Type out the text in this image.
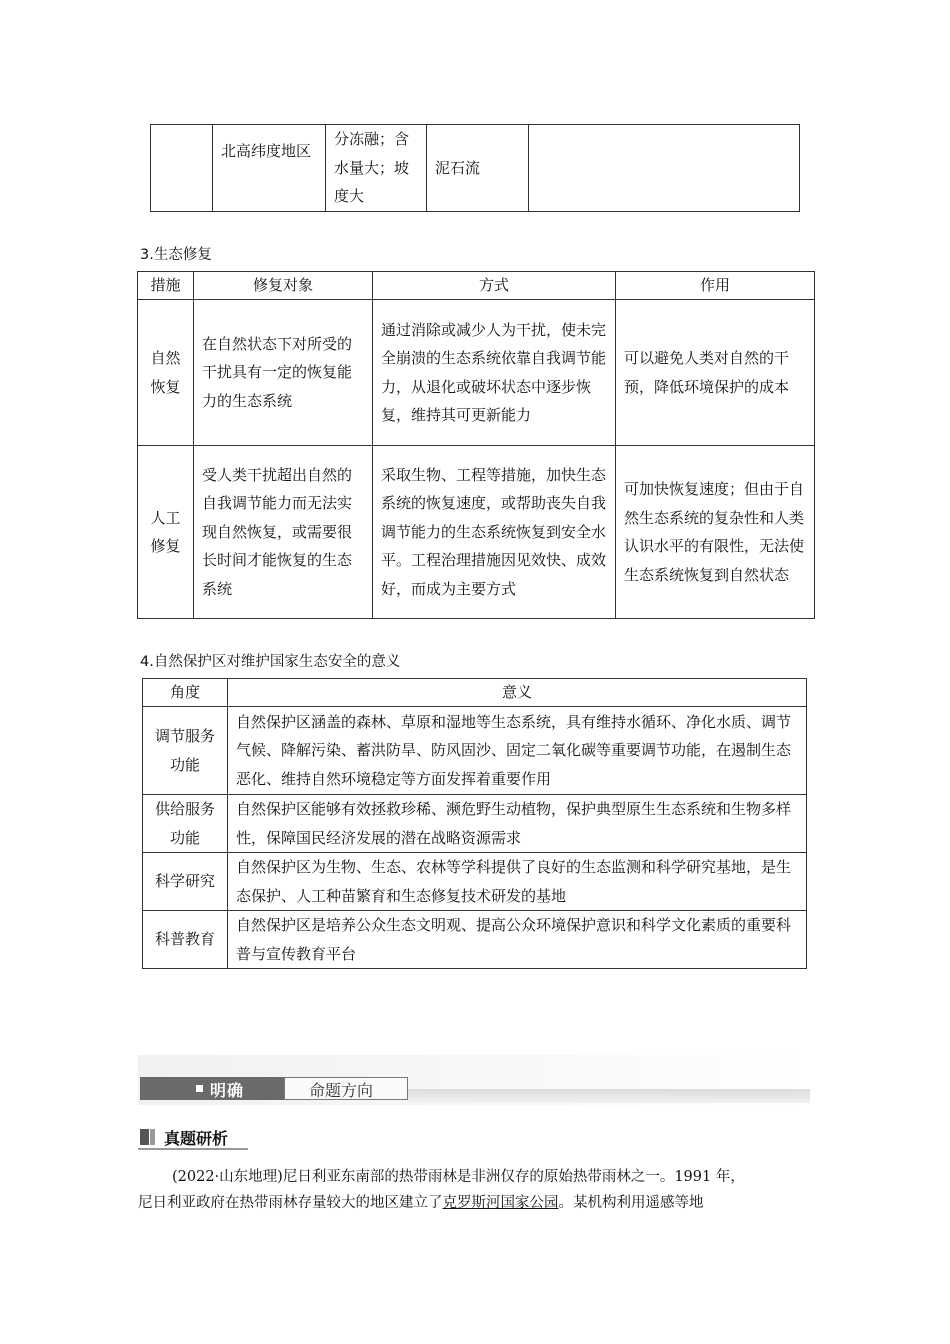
	北高纬度地区	分冻融；含水量大；坡度大	泥石流	
3.生态修复
措施	修复对象	方式	作用
自然恢复	在自然状态下对所受的干扰具有一定的恢复能力的生态系统	通过消除或减少人为干扰，使未完全崩溃的生态系统依靠自我调节能力，从退化或破坏状态中逐步恢复，维持其可更新能力	可以避免人类对自然的干预，降低环境保护的成本
人工修复	受人类干扰超出自然的自我调节能力而无法实现自然恢复，或需要很长时间才能恢复的生态系统	采取生物、工程等措施，加快生态系统的恢复速度，或帮助丧失自我调节能力的生态系统恢复到安全水平。工程治理措施因见效快、成效好，而成为主要方式	可加快恢复速度；但由于自然生态系统的复杂性和人类认识水平的有限性，无法使生态系统恢复到自然状态
4.自然保护区对维护国家生态安全的意义
角度	意义
调节服务功能	自然保护区涵盖的森林、草原和湿地等生态系统，具有维持水循环、净化水质、调节气候、降解污染、蓄洪防旱、防风固沙、固定二氧化碳等重要调节功能，在遏制生态恶化、维持自然环境稳定等方面发挥着重要作用
供给服务功能	自然保护区能够有效拯救珍稀、濒危野生动植物，保护典型原生生态系统和生物多样性，保障国民经济发展的潜在战略资源需求
科学研究	自然保护区为生物、生态、农林等学科提供了良好的生态监测和科学研究基地，是生态保护、人工种苗繁育和生态修复技术研发的基地
科普教育	自然保护区是培养公众生态文明观、提高公众环境保护意识和科学文化素质的重要科普与宣传教育平台
明确	命题方向
真题研析
(2022·山东地理)尼日利亚东南部的热带雨林是非洲仅存的原始热带雨林之一。1991 年，
尼日利亚政府在热带雨林存量较大的地区建立了克罗斯河国家公园。某机构利用遥感等地
